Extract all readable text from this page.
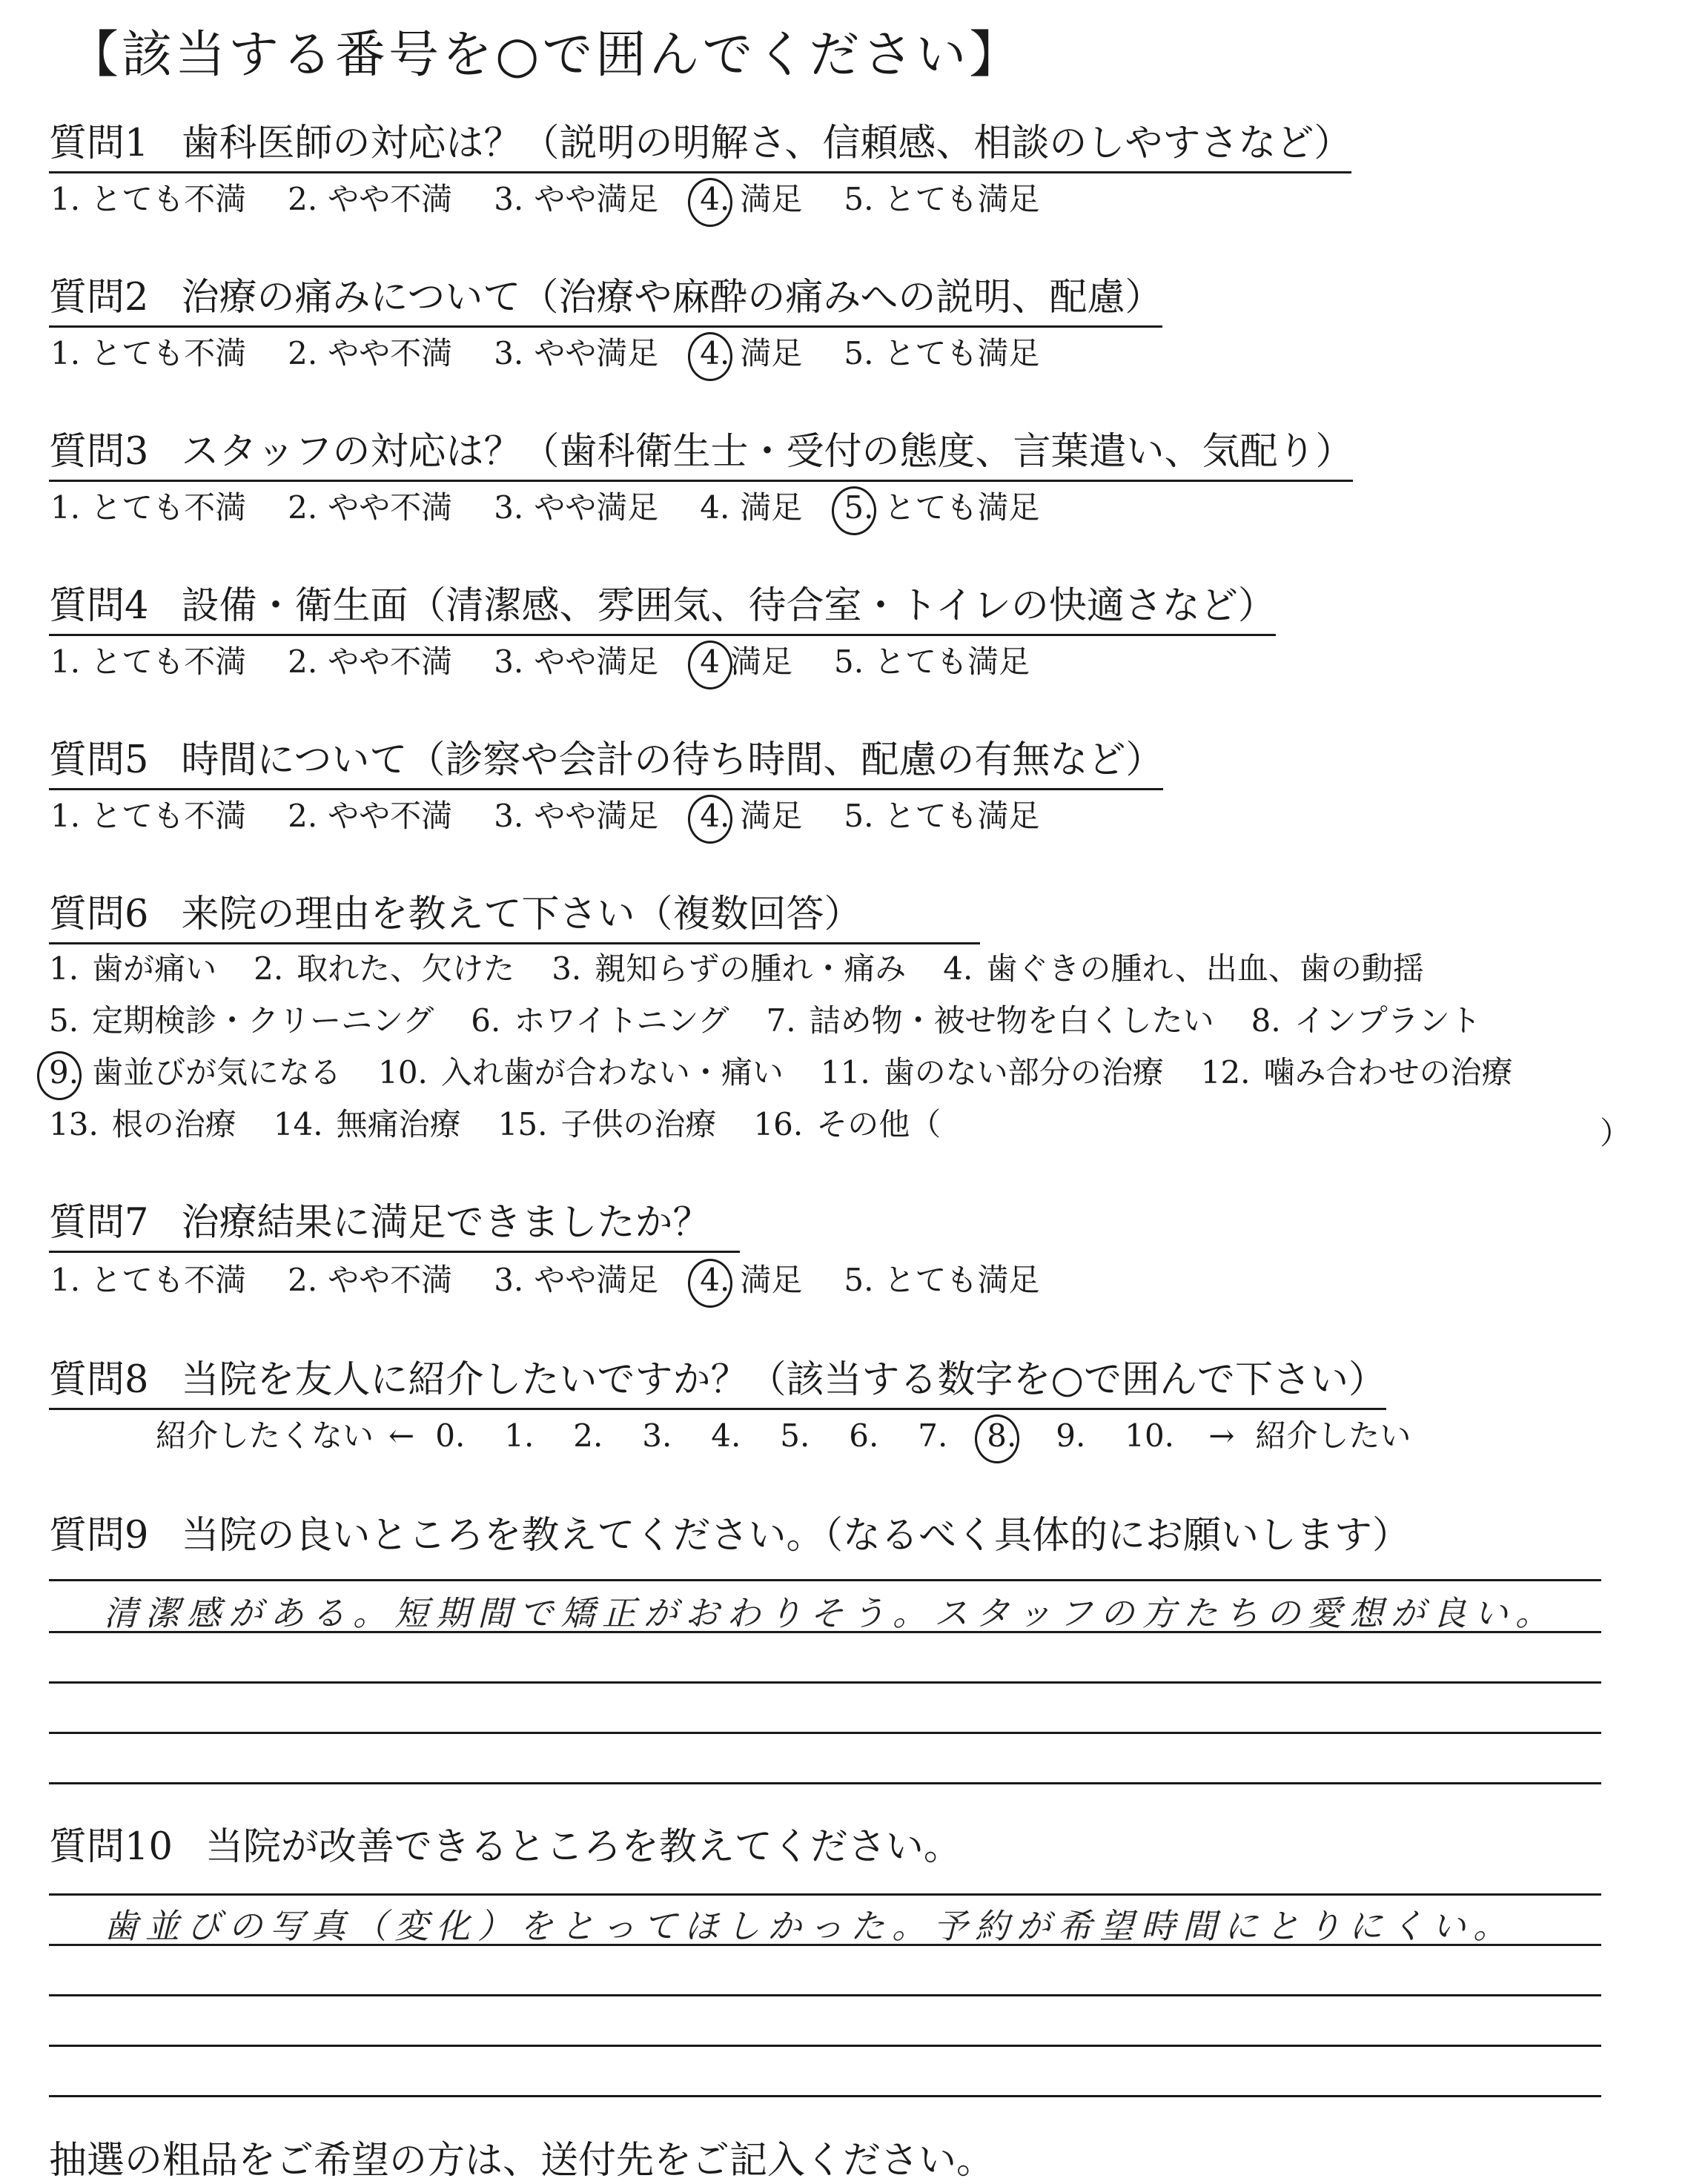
【該当する番号を○で囲んでください】
質問1 歯科医師の対応は？（説明の明解さ、信頼感、相談のしやすさなど）
1. とても不満 2. やや不満 3. やや満足 4. 満足 5. とても満足
質問2 治療の痛みについて（治療や麻酔の痛みへの説明、配慮）
1. とても不満 2. やや不満 3. やや満足 4. 満足 5. とても満足
質問3 スタッフの対応は？（歯科衛生士・受付の態度、言葉遣い、気配り）
1. とても不満 2. やや不満 3. やや満足 4. 満足 5. とても満足
質問4 設備・衛生面（清潔感、雰囲気、待合室・トイレの快適さなど）
1. とても不満 2. やや不満 3. やや満足 4 満足 5. とても満足
質問5 時間について（診察や会計の待ち時間、配慮の有無など）
1. とても不満 2. やや不満 3. やや満足 4. 満足 5. とても満足
質問6 来院の理由を教えて下さい（複数回答）
1. 歯が痛い 2. 取れた、欠けた 3. 親知らずの腫れ・痛み 4. 歯ぐきの腫れ、出血、歯の動揺
5. 定期検診・クリーニング 6. ホワイトニング 7. 詰め物・被せ物を白くしたい 8. インプラント
9. 歯並びが気になる 10. 入れ歯が合わない・痛い 11. 歯のない部分の治療 12. 噛み合わせの治療
13. 根の治療 14. 無痛治療 15. 子供の治療 16. その他（	）
質問7 治療結果に満足できましたか？
1. とても不満 2. やや不満 3. やや満足 4. 満足 5. とても満足
質問8 当院を友人に紹介したいですか？（該当する数字を○で囲んで下さい）
紹介したくない ← 0. 1. 2. 3. 4. 5. 6. 7. 8. 9. 10. → 紹介したい
質問9 当院の良いところを教えてください。（なるべく具体的にお願いします）
清潔感がある。短期間で矯正がおわりそう。スタッフの方たちの愛想が良い。
質問10 当院が改善できるところを教えてください。
歯並びの写真（変化）をとってほしかった。予約が希望時間にとりにくい。
抽選の粗品をご希望の方は、送付先をご記入ください。
